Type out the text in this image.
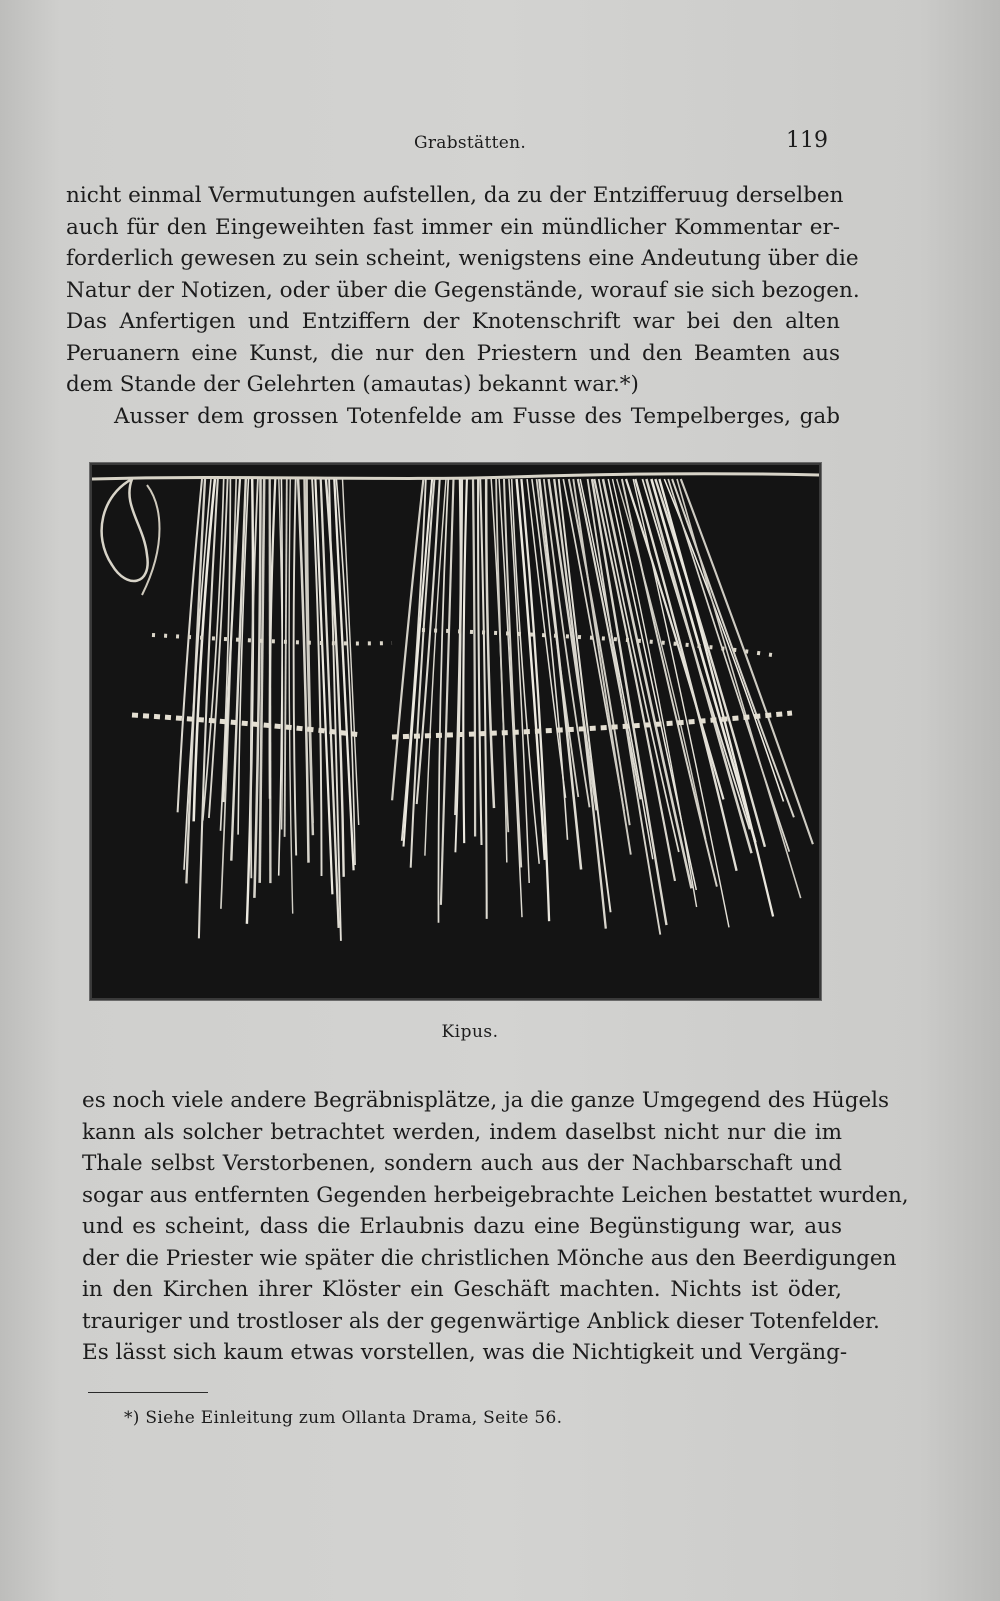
Grabstätten.	119
nicht einmal Vermutungen aufstellen, da zu der Entzifferuug derselben
auch für den Eingeweihten fast immer ein mündlicher Kommentar er-
forderlich gewesen zu sein scheint, wenigstens eine Andeutung über die
Natur der Notizen, oder über die Gegenstände, worauf sie sich bezogen.
Das Anfertigen und Entziffern der Knotenschrift war bei den alten
Peruanern eine Kunst, die nur den Priestern und den Beamten aus
dem Stande der Gelehrten (amautas) bekannt war.*)
Ausser dem grossen Totenfelde am Fusse des Tempelberges, gab
Kipus.
es noch viele andere Begräbnisplätze, ja die ganze Umgegend des Hügels
kann als solcher betrachtet werden, indem daselbst nicht nur die im
Thale selbst Verstorbenen, sondern auch aus der Nachbarschaft und
sogar aus entfernten Gegenden herbeigebrachte Leichen bestattet wurden,
und es scheint, dass die Erlaubnis dazu eine Begünstigung war, aus
der die Priester wie später die christlichen Mönche aus den Beerdigungen
in den Kirchen ihrer Klöster ein Geschäft machten. Nichts ist öder,
trauriger und trostloser als der gegenwärtige Anblick dieser Totenfelder.
Es lässt sich kaum etwas vorstellen, was die Nichtigkeit und Vergäng-
*) Siehe Einleitung zum Ollanta Drama, Seite 56.
